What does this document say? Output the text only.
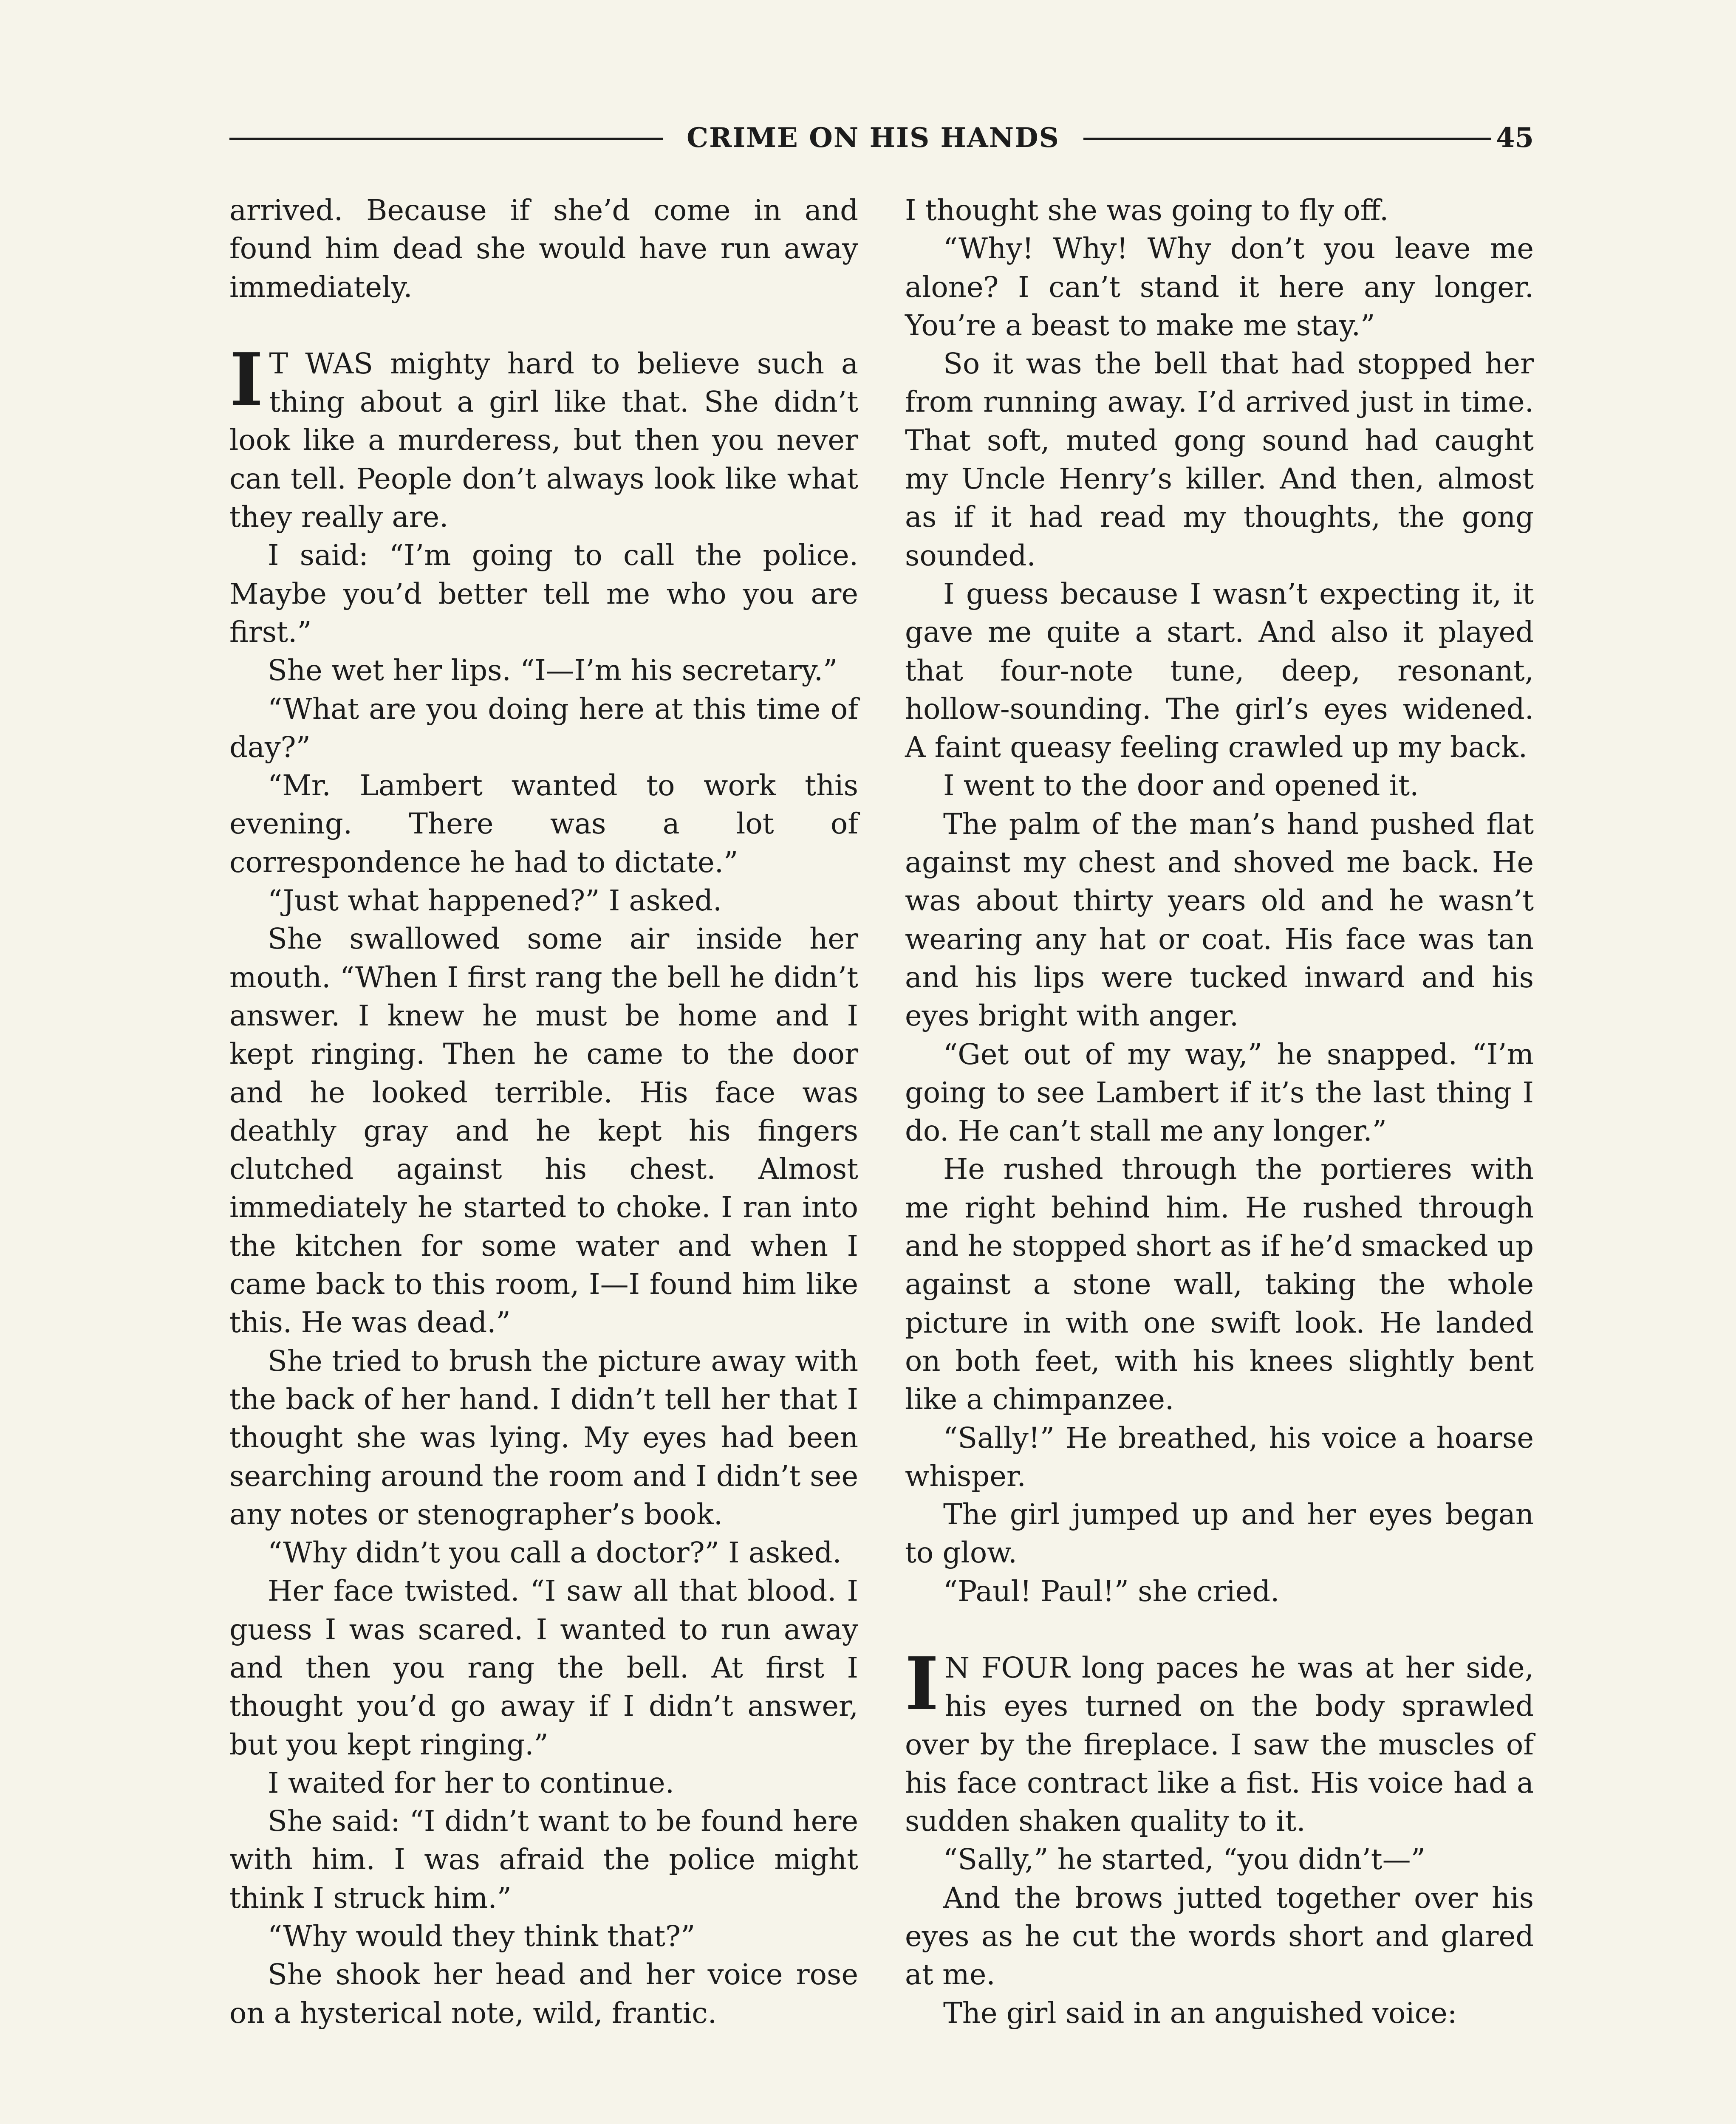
CRIME ON HIS HANDS	45

arrived. Because if she’d come in and found him dead she would have run away immediately.

I T WAS mighty hard to believe such a thing about a girl like that. She didn’t look like a murderess, but then you never can tell. People don’t always look like what they really are.

I said: “I’m going to call the police. Maybe you’d better tell me who you are first.”

She wet her lips. “I—I’m his secretary.”

“What are you doing here at this time of day?”

“Mr. Lambert wanted to work this evening. There was a lot of correspondence he had to dictate.”

“Just what happened?” I asked.

She swallowed some air inside her mouth. “When I first rang the bell he didn’t answer. I knew he must be home and I kept ringing. Then he came to the door and he looked terrible. His face was deathly gray and he kept his fingers clutched against his chest. Almost immediately he started to choke. I ran into the kitchen for some water and when I came back to this room, I—I found him like this. He was dead.”

She tried to brush the picture away with the back of her hand. I didn’t tell her that I thought she was lying. My eyes had been searching around the room and I didn’t see any notes or stenographer’s book.

“Why didn’t you call a doctor?” I asked.

Her face twisted. “I saw all that blood. I guess I was scared. I wanted to run away and then you rang the bell. At first I thought you’d go away if I didn’t answer, but you kept ringing.”

I waited for her to continue.

She said: “I didn’t want to be found here with him. I was afraid the police might think I struck him.”

“Why would they think that?”

She shook her head and her voice rose on a hysterical note, wild, frantic.

I thought she was going to fly off.

“Why! Why! Why don’t you leave me alone? I can’t stand it here any longer. You’re a beast to make me stay.”

So it was the bell that had stopped her from running away. I’d arrived just in time. That soft, muted gong sound had caught my Uncle Henry’s killer. And then, almost as if it had read my thoughts, the gong sounded.

I guess because I wasn’t expecting it, it gave me quite a start. And also it played that four-note tune, deep, resonant, hollow-sounding. The girl’s eyes widened. A faint queasy feeling crawled up my back.

I went to the door and opened it.

The palm of the man’s hand pushed flat against my chest and shoved me back. He was about thirty years old and he wasn’t wearing any hat or coat. His face was tan and his lips were tucked inward and his eyes bright with anger.

“Get out of my way,” he snapped. “I’m going to see Lambert if it’s the last thing I do. He can’t stall me any longer.”

He rushed through the portieres with me right behind him. He rushed through and he stopped short as if he’d smacked up against a stone wall, taking the whole picture in with one swift look. He landed on both feet, with his knees slightly bent like a chimpanzee.

“Sally!” He breathed, his voice a hoarse whisper.

The girl jumped up and her eyes began to glow.

“Paul! Paul!” she cried.

I N FOUR long paces he was at her side, his eyes turned on the body sprawled over by the fireplace. I saw the muscles of his face contract like a fist. His voice had a sudden shaken quality to it.

“Sally,” he started, “you didn’t—”

And the brows jutted together over his eyes as he cut the words short and glared at me.

The girl said in an anguished voice:
